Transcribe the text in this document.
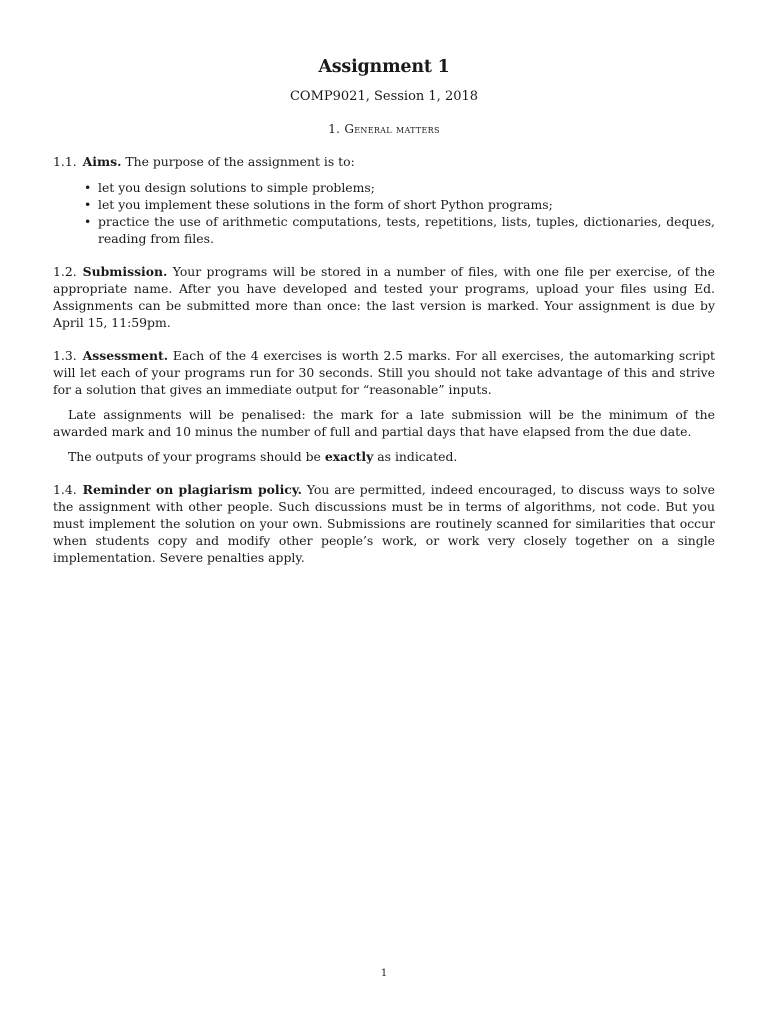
Assignment 1
COMP9021, Session 1, 2018
1. General matters

1.1. Aims. The purpose of the assignment is to:

• let you design solutions to simple problems;
• let you implement these solutions in the form of short Python programs;
• practice the use of arithmetic computations, tests, repetitions, lists, tuples, dictionaries, deques, reading from files.

1.2. Submission. Your programs will be stored in a number of files, with one file per exercise, of the appropriate name. After you have developed and tested your programs, upload your files using Ed. Assignments can be submitted more than once: the last version is marked. Your assignment is due by April 15, 11:59pm.

1.3. Assessment. Each of the 4 exercises is worth 2.5 marks. For all exercises, the automarking script will let each of your programs run for 30 seconds. Still you should not take advantage of this and strive for a solution that gives an immediate output for “reasonable” inputs.

Late assignments will be penalised: the mark for a late submission will be the minimum of the awarded mark and 10 minus the number of full and partial days that have elapsed from the due date.

The outputs of your programs should be exactly as indicated.

1.4. Reminder on plagiarism policy. You are permitted, indeed encouraged, to discuss ways to solve the assignment with other people. Such discussions must be in terms of algorithms, not code. But you must implement the solution on your own. Submissions are routinely scanned for similarities that occur when students copy and modify other people’s work, or work very closely together on a single implementation. Severe penalties apply.

1
